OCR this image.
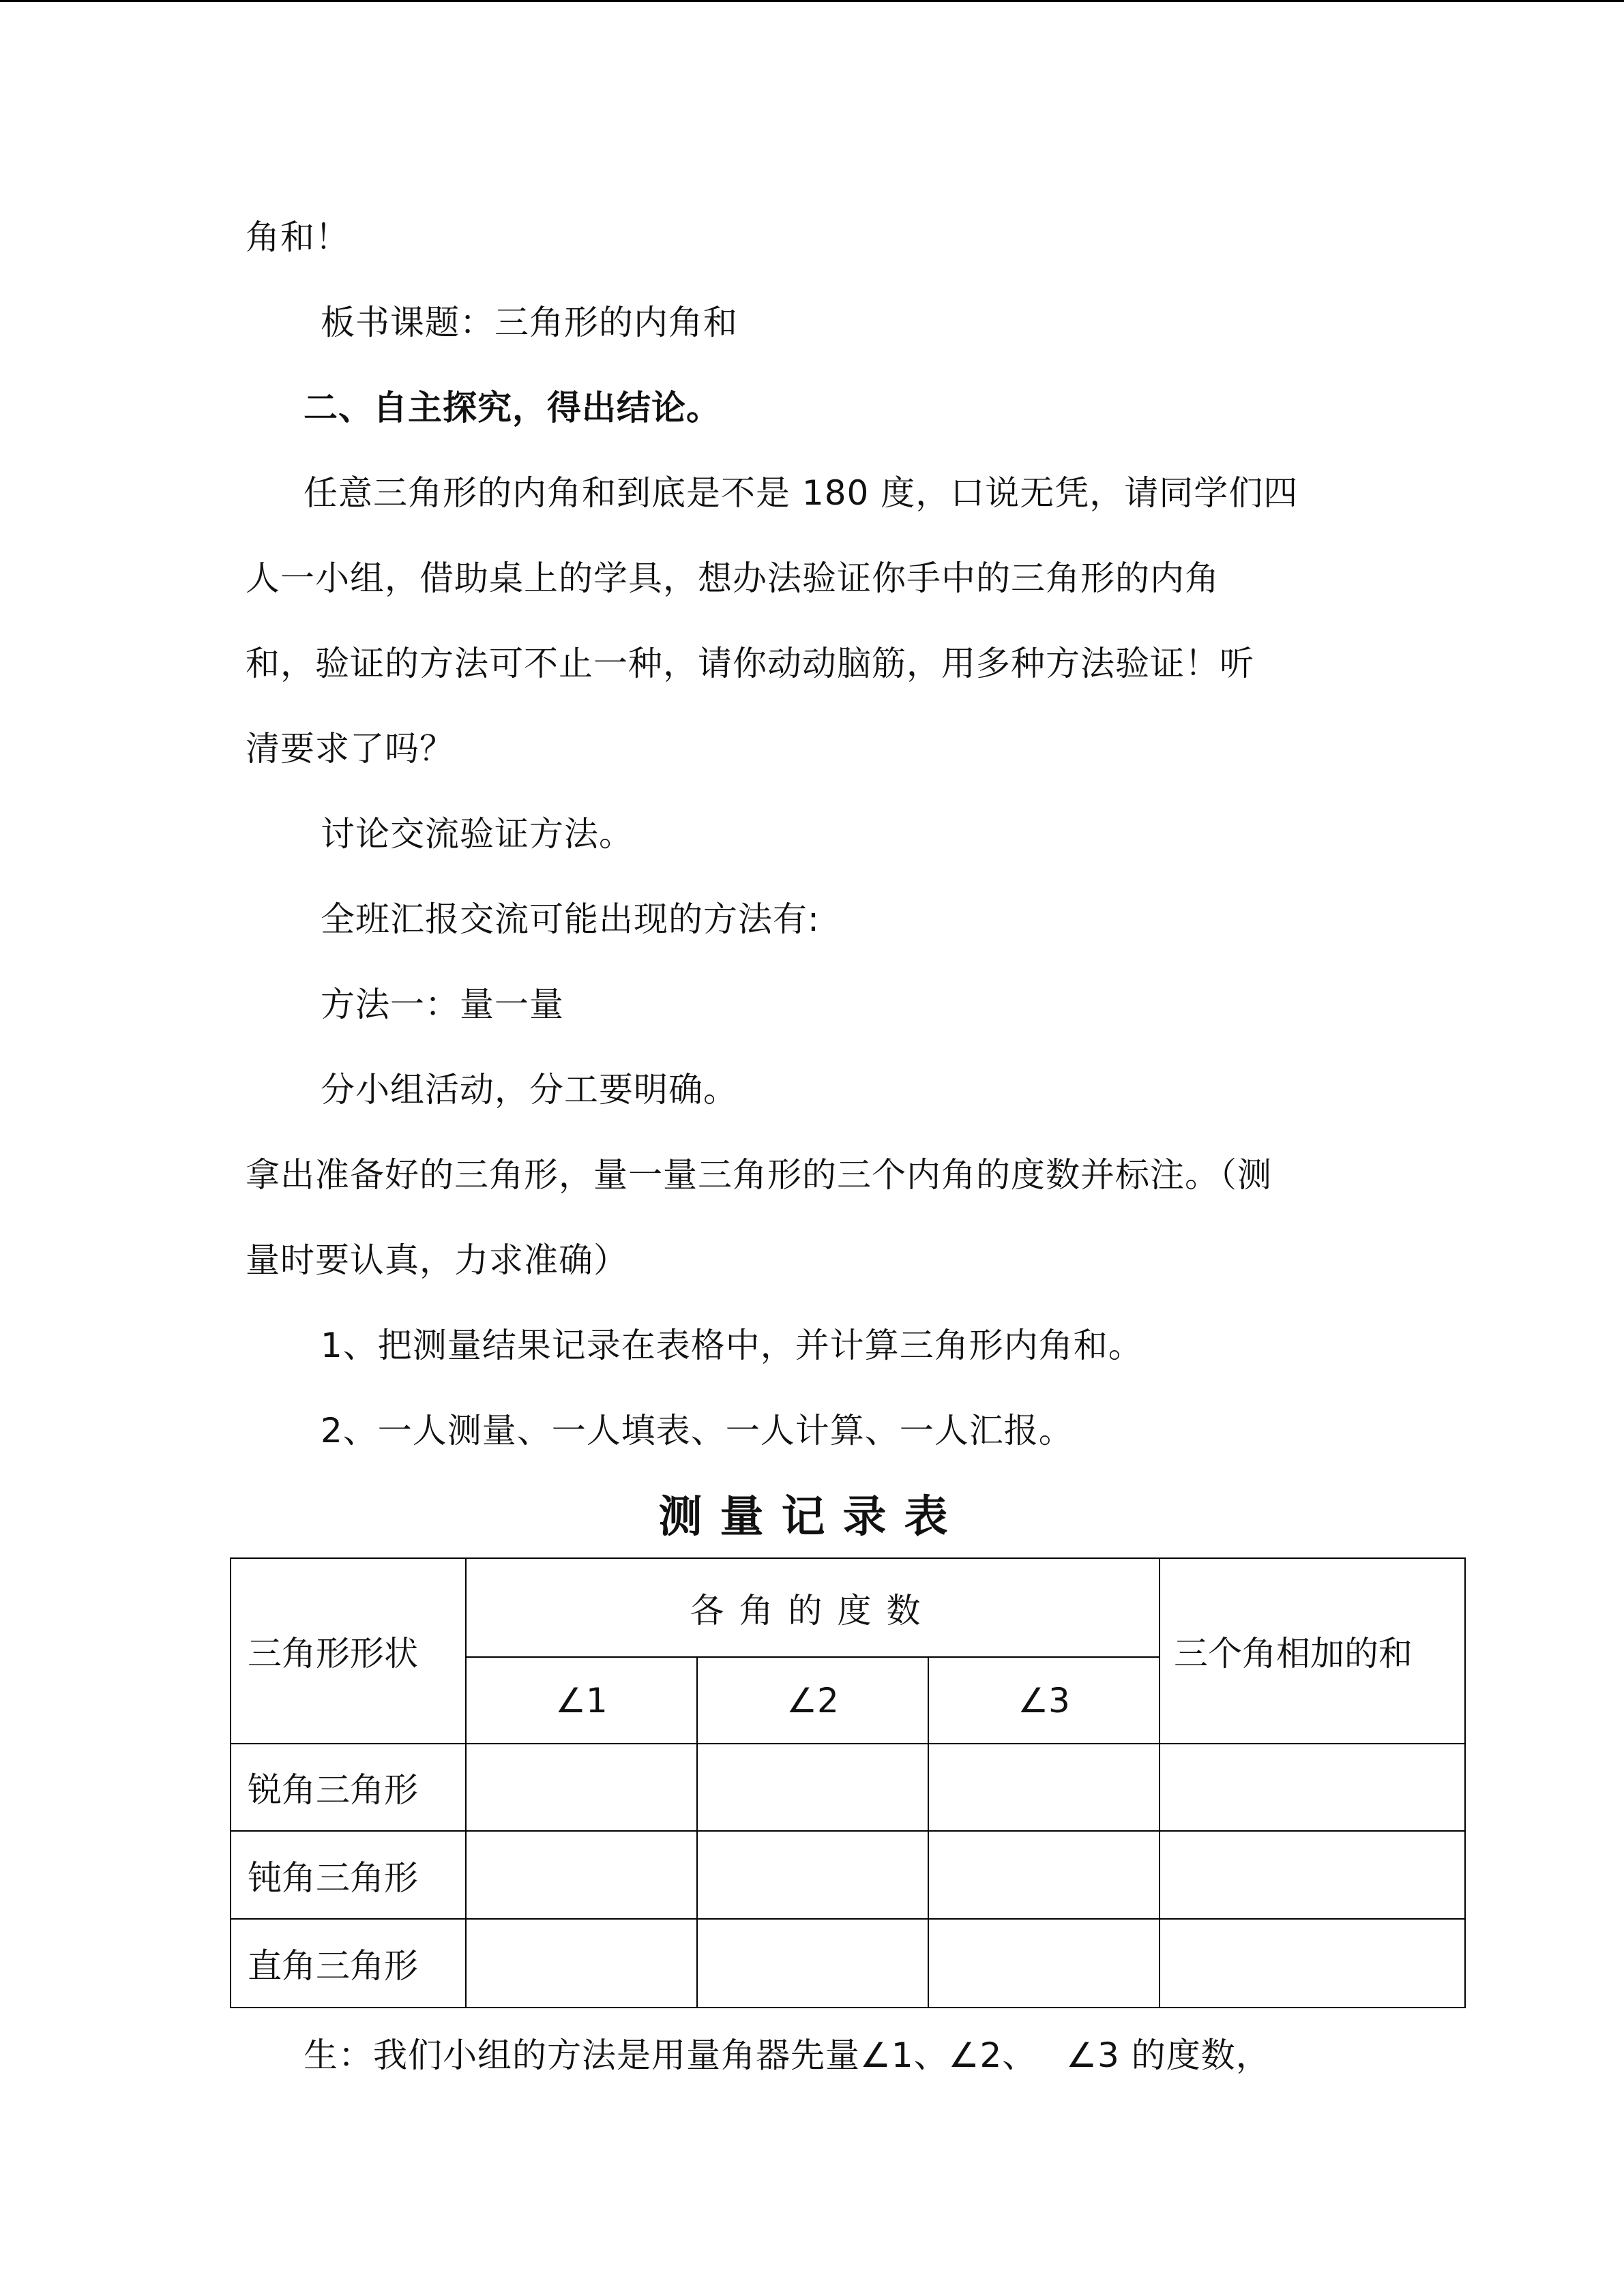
角和！
板书课题：三角形的内角和
二、自主探究，得出结论。
任意三角形的内角和到底是不是 180 度，口说无凭，请同学们四
人一小组，借助桌上的学具，想办法验证你手中的三角形的内角
和，验证的方法可不止一种，请你动动脑筋，用多种方法验证！听
清要求了吗？
讨论交流验证方法。
全班汇报交流可能出现的方法有:
方法一：量一量
分小组活动，分工要明确。
拿出准备好的三角形，量一量三角形的三个内角的度数并标注。（测
量时要认真，力求准确）
1、把测量结果记录在表格中，并计算三角形内角和。
2、一人测量、一人填表、一人计算、一人汇报。
测量记录表
三角形形状	各角的度数			三个角相加的和
	∠1	∠2	∠3	
锐角三角形				
钝角三角形				
直角三角形				
生：我们小组的方法是用量角器先量∠1、∠2、　 ∠3 的度数，
